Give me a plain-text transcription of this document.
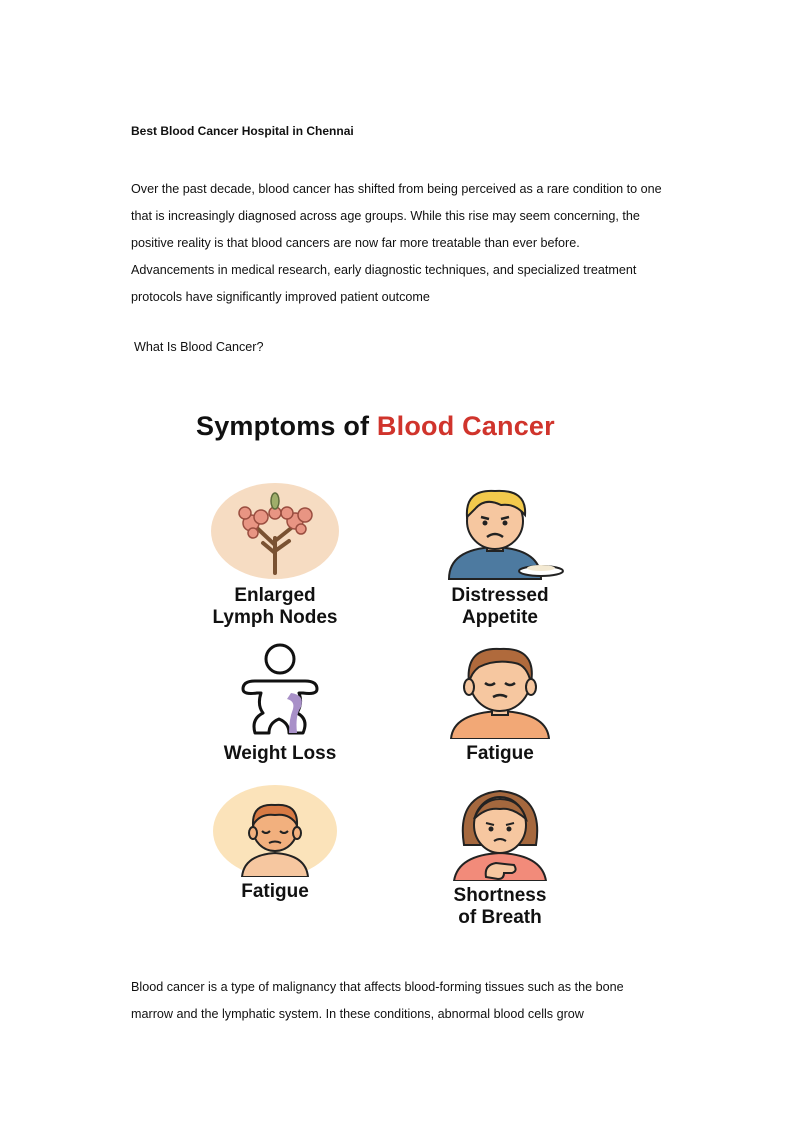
Best Blood Cancer Hospital in Chennai

Over the past decade, blood cancer has shifted from being perceived as a rare condition to one
that is increasingly diagnosed across age groups. While this rise may seem concerning, the
positive reality is that blood cancers are now far more treatable than ever before.
Advancements in medical research, early diagnostic techniques, and specialized treatment
protocols have significantly improved patient outcome

What Is Blood Cancer?
Symptoms of Blood Cancer
Enlarged
Lymph Nodes
Distressed
Appetite
Weight Loss	Fatigue
Fatigue	Shortness
of Breath

Blood cancer is a type of malignancy that affects blood-forming tissues such as the bone
marrow and the lymphatic system. In these conditions, abnormal blood cells grow
